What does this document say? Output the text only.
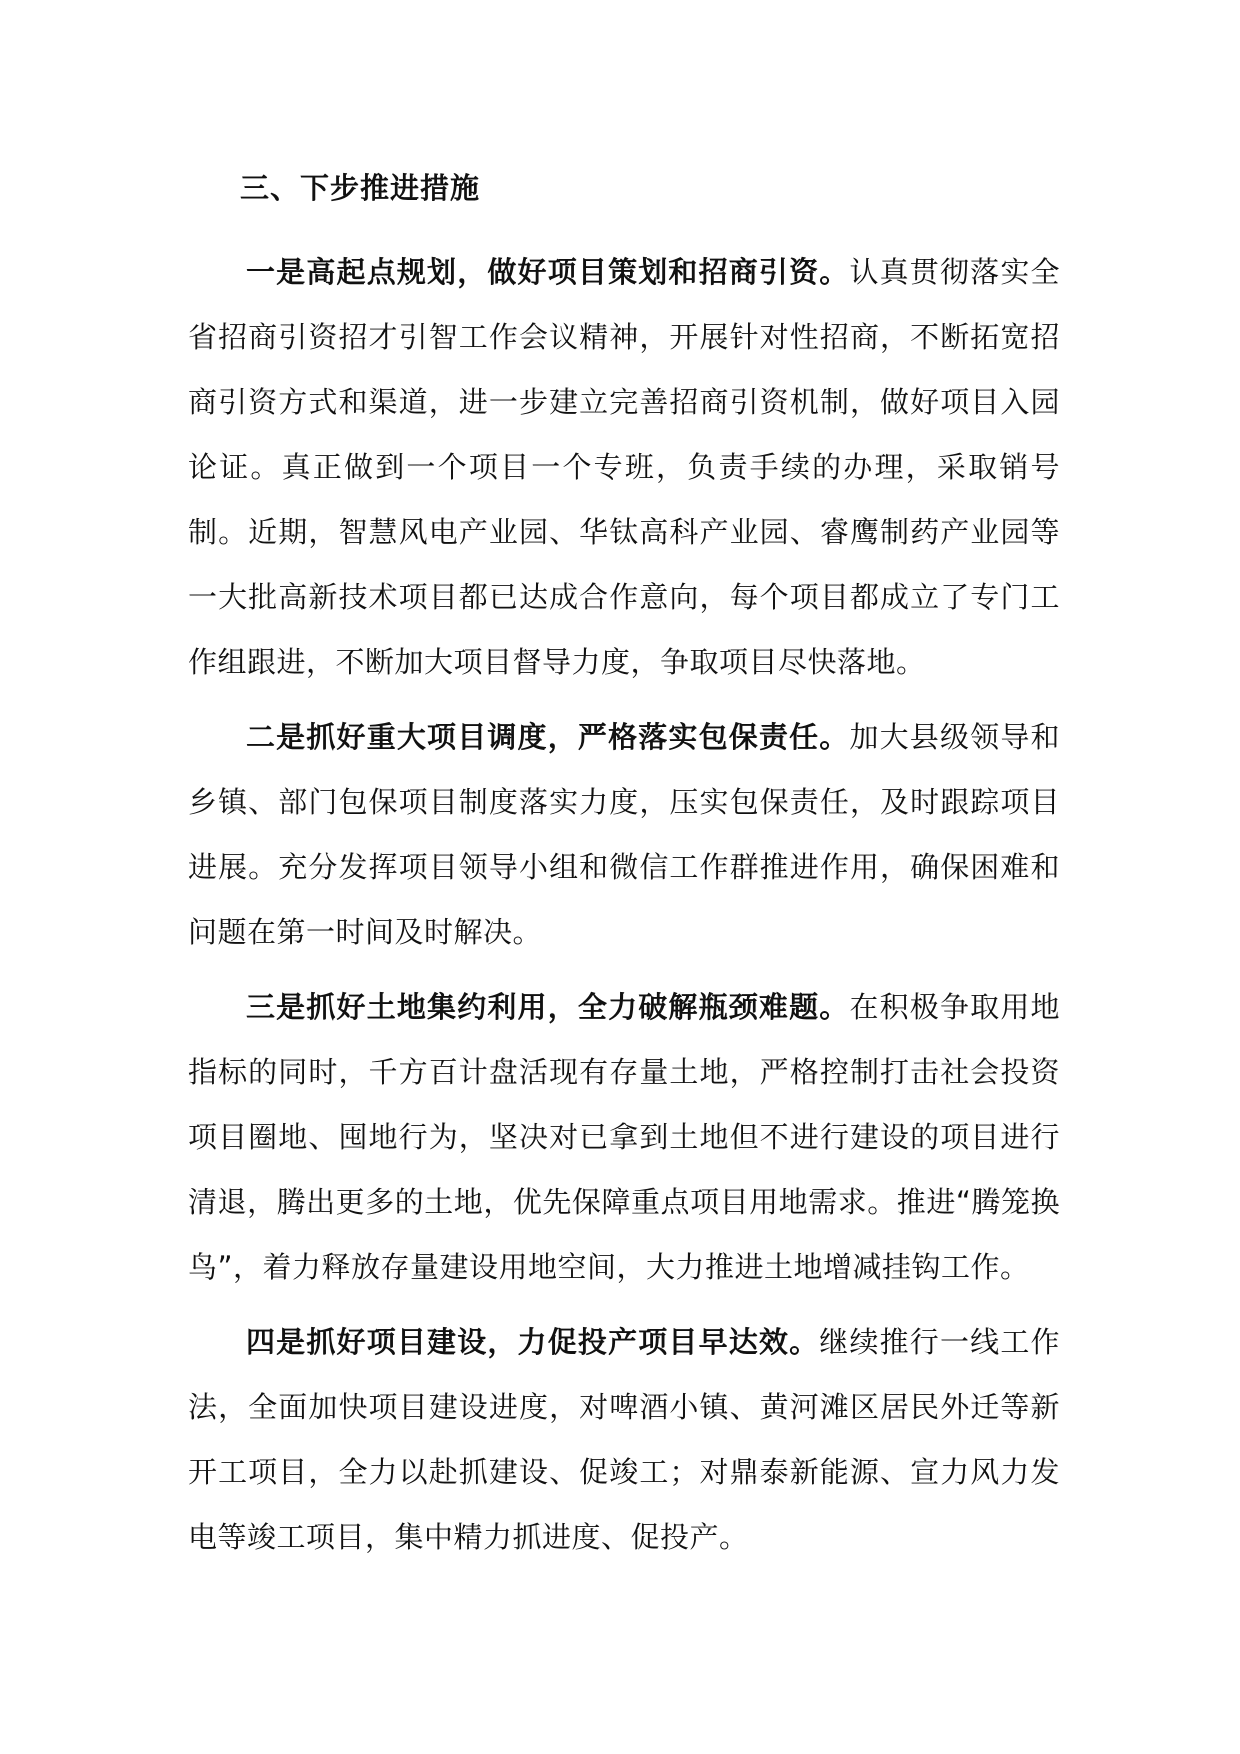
三、下步推进措施

一是高起点规划，做好项目策划和招商引资。认真贯彻落实全省招商引资招才引智工作会议精神，开展针对性招商，不断拓宽招商引资方式和渠道，进一步建立完善招商引资机制，做好项目入园论证。真正做到一个项目一个专班，负责手续的办理，采取销号制。近期，智慧风电产业园、华钛高科产业园、睿鹰制药产业园等一大批高新技术项目都已达成合作意向，每个项目都成立了专门工作组跟进，不断加大项目督导力度，争取项目尽快落地。

二是抓好重大项目调度，严格落实包保责任。加大县级领导和乡镇、部门包保项目制度落实力度，压实包保责任，及时跟踪项目进展。充分发挥项目领导小组和微信工作群推进作用，确保困难和问题在第一时间及时解决。

三是抓好土地集约利用，全力破解瓶颈难题。在积极争取用地指标的同时，千方百计盘活现有存量土地，严格控制打击社会投资项目圈地、囤地行为，坚决对已拿到土地但不进行建设的项目进行清退，腾出更多的土地，优先保障重点项目用地需求。推进“腾笼换鸟”，着力释放存量建设用地空间，大力推进土地增减挂钩工作。

四是抓好项目建设，力促投产项目早达效。继续推行一线工作法，全面加快项目建设进度，对啤酒小镇、黄河滩区居民外迁等新开工项目，全力以赴抓建设、促竣工；对鼎泰新能源、宣力风力发电等竣工项目，集中精力抓进度、促投产。
